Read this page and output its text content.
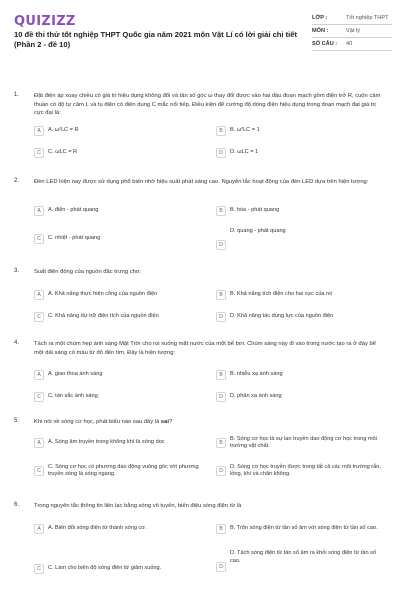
QUIZIZZ
10 đề thi thử tốt nghiệp THPT Quốc gia năm 2021 môn Vật Lí có lời giải chi tiết (Phần 2 - đề 10)
LỚP :	Tốt nghiệp THPT
MÔN :	Vật lý
SỐ CÂU :	40
1.	Đặt điện áp xoay chiều có giá trị hiệu dụng không đổi và tần số góc ω thay đổi được vào hai đầu đoạn mạch gồm điện trở R, cuộn cảm thuần có độ tự cảm L và tụ điện có điện dung C mắc nối tiếp. Điều kiện để cường độ dòng điện hiệu dụng trong đoạn mạch đạt giá trị cực đại là:
A	A. ω²LC = R	B	B. ω²LC = 1
C	C. ωLC = R	D	D. ωLC = 1
2.	Đèn LED hiện nay được sử dụng phổ biến nhờ hiệu suất phát sáng cao. Nguyên tắc hoạt động của đèn LED dựa trên hiện tượng:
A	A. điện - phát quang	B	B. hóa - phát quang
C	C. nhiệt - phát quang
D
D. quang - phát quang
3.	Suất điện động của nguồn đặc trưng cho:
A	A. Khả năng thực hiện công của nguồn điện	B	B. Khả năng tích điện cho hai cực của nó
C	C. Khả năng dự trữ điện tích của nguồn điện	D	D. Khả năng tác dụng lực của nguồn điện
4.	Tách ra một chùm hẹp ánh sáng Mặt Trời cho rọi xuống mặt nước của một bể bơi. Chùm sáng này đi vào trong nước tạo ra ở đáy bể một dải sáng có màu từ đỏ đến tím. Đây là hiện tượng:
A	A. giao thoa ánh sáng	B	B. nhiễu xạ ánh sáng
C	C. tán sắc ánh sáng	D	D. phản xạ ánh sáng
5.	Khi nói về sóng cơ học, phát biểu nào sau đây là sai?
A	A. Sóng âm truyền trong không khí là sóng dọc	B
B. Sóng cơ học là sự lan truyền dao động cơ học trong môi trường vật chất.
C
C. Sóng cơ học có phương dao động vuông góc với phương truyền sóng là sóng ngang.	D
D. Sóng cơ học truyền được trong tất cả các môi trường rắn, lỏng, khí và chân không.
6.	Trong nguyên tắc thông tin liên lạc bằng sóng vô tuyến, biến điệu sóng điện từ là
A	A. Biến đổi sóng điện từ thành sóng cơ.	B	B. Trộn sóng điện từ tần số âm với sóng điện từ tần số cao.
C	C. Làm cho biên độ sóng điện từ giảm xuống.	D
D. Tách sóng điện từ tần số âm ra khỏi sóng điện từ tần số cao.
